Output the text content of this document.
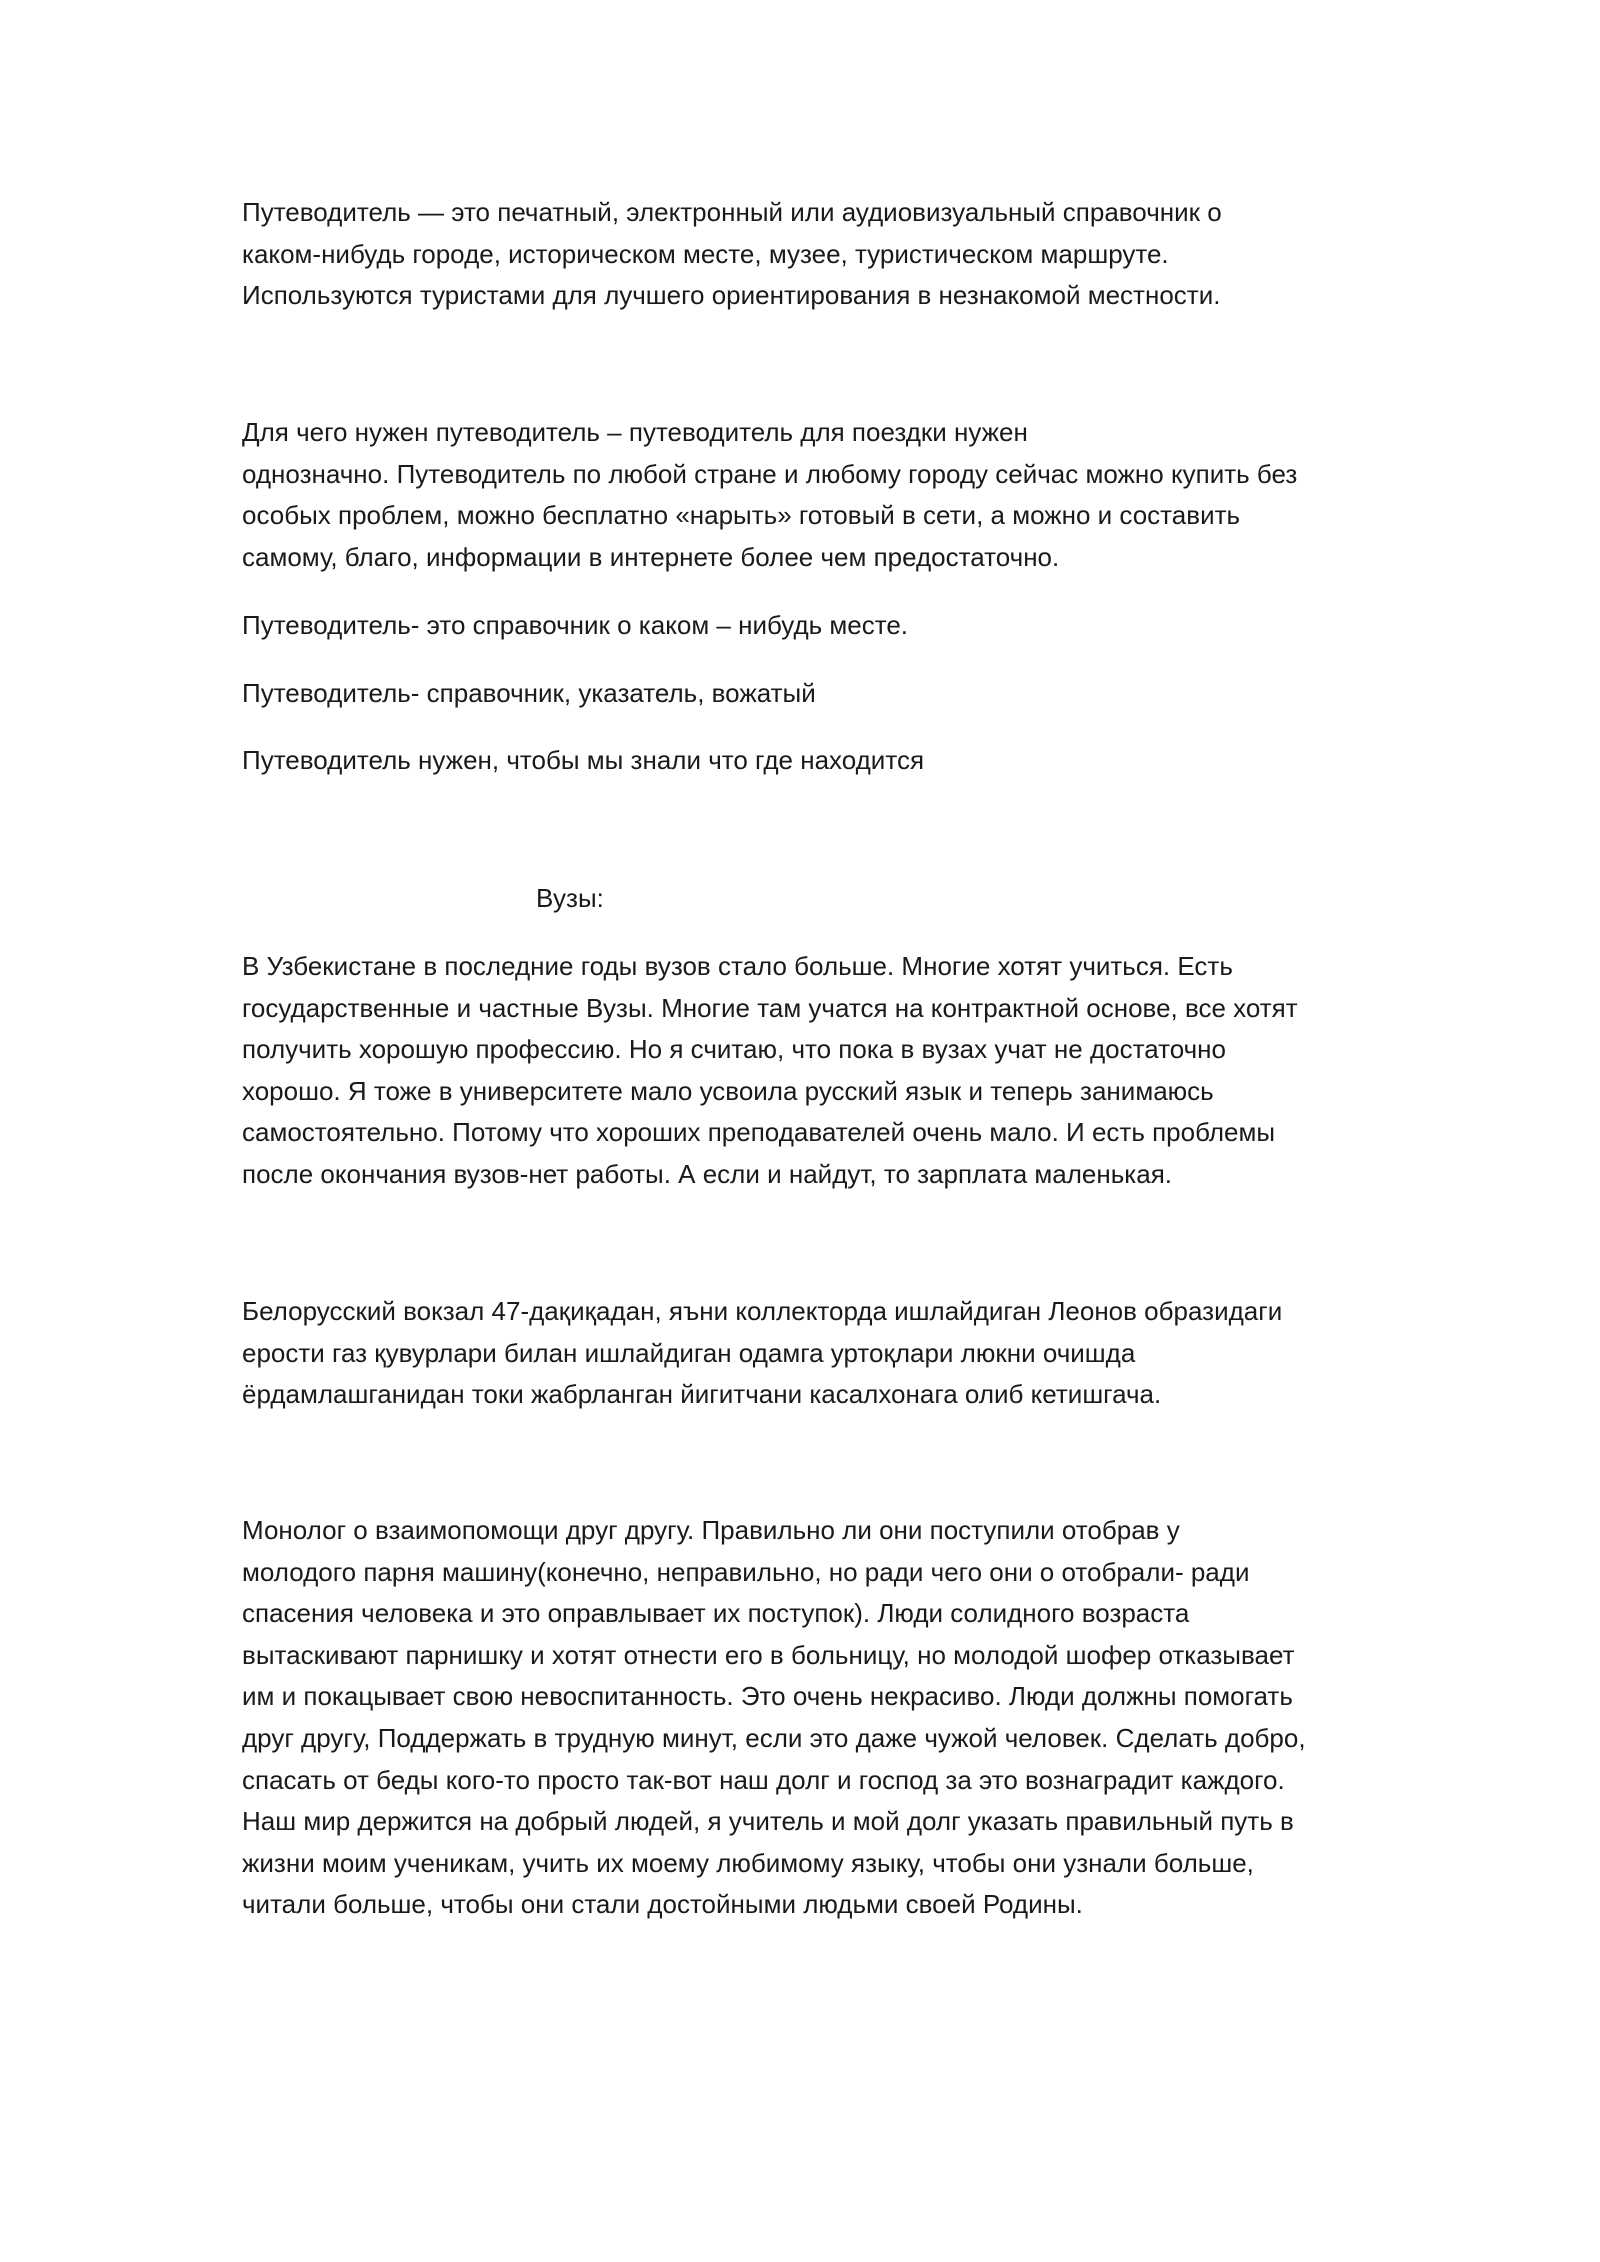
Путеводитель — это печатный, электронный или аудиовизуальный справочник о
каком-нибудь городе, историческом месте, музее, туристическом маршруте.
Используются туристами для лучшего ориентирования в незнакомой местности.

Для чего нужен путеводитель – путеводитель для поездки нужен
однозначно. Путеводитель по любой стране и любому городу сейчас можно купить без
особых проблем, можно бесплатно «нарыть» готовый в сети, а можно и составить
самому, благо, информации в интернете более чем предостаточно.

Путеводитель- это справочник о каком – нибудь месте.

Путеводитель- справочник, указатель, вожатый

Путеводитель нужен, чтобы мы знали что где находится

Вузы:

В Узбекистане в последние годы вузов стало больше. Многие хотят учиться. Есть
государственные и частные Вузы. Многие там учатся на контрактной основе, все хотят
получить хорошую профессию. Но я считаю, что пока в вузах учат не достаточно
хорошо. Я тоже в университете мало усвоила русский язык и теперь занимаюсь
самостоятельно. Потому что хороших преподавателей очень мало. И есть проблемы
после окончания вузов-нет работы. А если и найдут, то зарплата маленькая.

Белорусский вокзал 47-дақиқадан, яъни коллекторда ишлайдиган Леонов образидаги
ерости газ қувурлари билан ишлайдиган одамга уртоқлари люкни очишда
ёрдамлашганидан токи жабрланган йигитчани касалхонага олиб кетишгача.

Монолог о взаимопомощи друг другу. Правильно ли они поступили отобрав у
молодого парня машину(конечно, неправильно, но ради чего они о отобрали- ради
спасения человека и это оправлывает их поступок). Люди солидного возраста
вытаскивают парнишку и хотят отнести его в больницу, но молодой шофер отказывает
им и покацывает свою невоспитанность. Это очень некрасиво. Люди должны помогать
друг другу, Поддержать в трудную минут, если это даже чужой человек. Сделать добро,
спасать от беды кого-то просто так-вот наш долг и господ за это вознаградит каждого.
Наш мир держится на добрый людей, я учитель и мой долг указать правильный путь в
жизни моим ученикам, учить их моему любимому языку, чтобы они узнали больше,
читали больше, чтобы они стали достойными людьми своей Родины.
